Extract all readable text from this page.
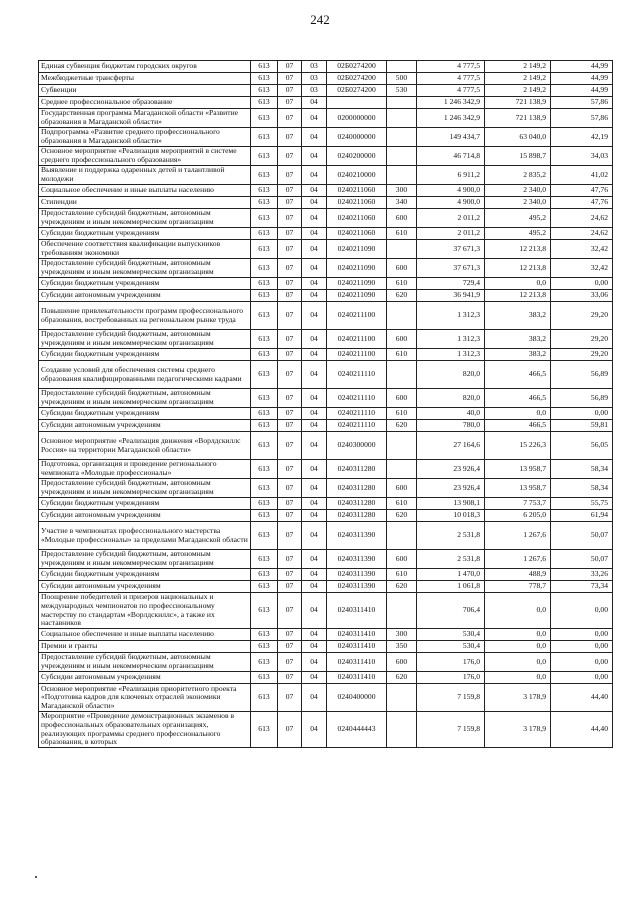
242
Единая субвенция бюджетам городских округов	613	07	03	02Б0274200		4 777,5	2 149,2	44,99
Межбюджетные трансферты	613	07	03	02Б0274200	500	4 777,5	2 149,2	44,99
Субвенции	613	07	03	02Б0274200	530	4 777,5	2 149,2	44,99
Среднее профессиональное образование	613	07	04			1 246 342,9	721 138,9	57,86
Государственная программа Магаданской области «Развитие образования в Магаданской области»	613	07	04	0200000000		1 246 342,9	721 138,9	57,86
Подпрограмма «Развитие среднего профессионального образования в Магаданской области»	613	07	04	0240000000		149 434,7	63 040,0	42,19
Основное мероприятие «Реализация мероприятий в системе среднего профессионального образования»	613	07	04	0240200000		46 714,8	15 898,7	34,03
Выявление и поддержка одаренных детей и талантливой молодежи	613	07	04	0240210000		6 911,2	2 835,2	41,02
Социальное обеспечение и иные выплаты населению	613	07	04	0240211060	300	4 900,0	2 340,0	47,76
Стипендии	613	07	04	0240211060	340	4 900,0	2 340,0	47,76
Предоставление субсидий бюджетным, автономным учреждениям и иным некоммерческим организациям	613	07	04	0240211060	600	2 011,2	495,2	24,62
Субсидии бюджетным учреждениям	613	07	04	0240211060	610	2 011,2	495,2	24,62
Обеспечение соответствия квалификации выпускников требованиям экономики	613	07	04	0240211090		37 671,3	12 213,8	32,42
Предоставление субсидий бюджетным, автономным учреждениям и иным некоммерческим организациям	613	07	04	0240211090	600	37 671,3	12 213,8	32,42
Субсидии бюджетным учреждениям	613	07	04	0240211090	610	729,4	0,0	0,00
Субсидии автономным учреждениям	613	07	04	0240211090	620	36 941,9	12 213,8	33,06
Повышение привлекательности программ профессионального образования, востребованных на региональном рынке труда	613	07	04	0240211100		1 312,3	383,2	29,20
Предоставление субсидий бюджетным, автономным учреждениям и иным некоммерческим организациям	613	07	04	0240211100	600	1 312,3	383,2	29,20
Субсидии бюджетным учреждениям	613	07	04	0240211100	610	1 312,3	383,2	29,20
Создание условий для обеспечения системы среднего образования квалифицированными педагогическими кадрами	613	07	04	0240211110		820,0	466,5	56,89
Предоставление субсидий бюджетным, автономным учреждениям и иным некоммерческим организациям	613	07	04	0240211110	600	820,0	466,5	56,89
Субсидии бюджетным учреждениям	613	07	04	0240211110	610	40,0	0,0	0,00
Субсидии автономным учреждениям	613	07	04	0240211110	620	780,0	466,5	59,81
Основное мероприятие «Реализация движения «Ворлдскиллс Россия» на территории Магаданской области»	613	07	04	0240300000		27 164,6	15 226,3	56,05
Подготовка, организация и проведение регионального чемпионата «Молодые профессионалы»	613	07	04	0240311280		23 926,4	13 958,7	58,34
Предоставление субсидий бюджетным, автономным учреждениям и иным некоммерческим организациям	613	07	04	0240311280	600	23 926,4	13 958,7	58,34
Субсидии бюджетным учреждениям	613	07	04	0240311280	610	13 908,1	7 753,7	55,75
Субсидии автономным учреждениям	613	07	04	0240311280	620	10 018,3	6 205,0	61,94
Участие в чемпионатах профессионального мастерства «Молодые профессионалы» за пределами Магаданской области	613	07	04	0240311390		2 531,8	1 267,6	50,07
Предоставление субсидий бюджетным, автономным учреждениям и иным некоммерческим организациям	613	07	04	0240311390	600	2 531,8	1 267,6	50,07
Субсидии бюджетным учреждениям	613	07	04	0240311390	610	1 470,0	488,9	33,26
Субсидии автономным учреждениям	613	07	04	0240311390	620	1 061,8	778,7	73,34
Поощрение победителей и призеров национальных и международных чемпионатов по профессиональному мастерству по стандартам «Ворлдскиллс», а также их наставников	613	07	04	0240311410		706,4	0,0	0,00
Социальное обеспечение и иные выплаты населению	613	07	04	0240311410	300	530,4	0,0	0,00
Премии и гранты	613	07	04	0240311410	350	530,4	0,0	0,00
Предоставление субсидий бюджетным, автономным учреждениям и иным некоммерческим организациям	613	07	04	0240311410	600	176,0	0,0	0,00
Субсидии автономным учреждениям	613	07	04	0240311410	620	176,0	0,0	0,00
Основное мероприятие «Реализация приоритетного проекта «Подготовка кадров для ключевых отраслей экономики Магаданской области»	613	07	04	0240400000		7 159,8	3 178,9	44,40
Мероприятие «Проведение демонстрационных экзаменов в профессиональных образовательных организациях, реализующих программы среднего профессионального образования, в которых	613	07	04	0240444443		7 159,8	3 178,9	44,40
